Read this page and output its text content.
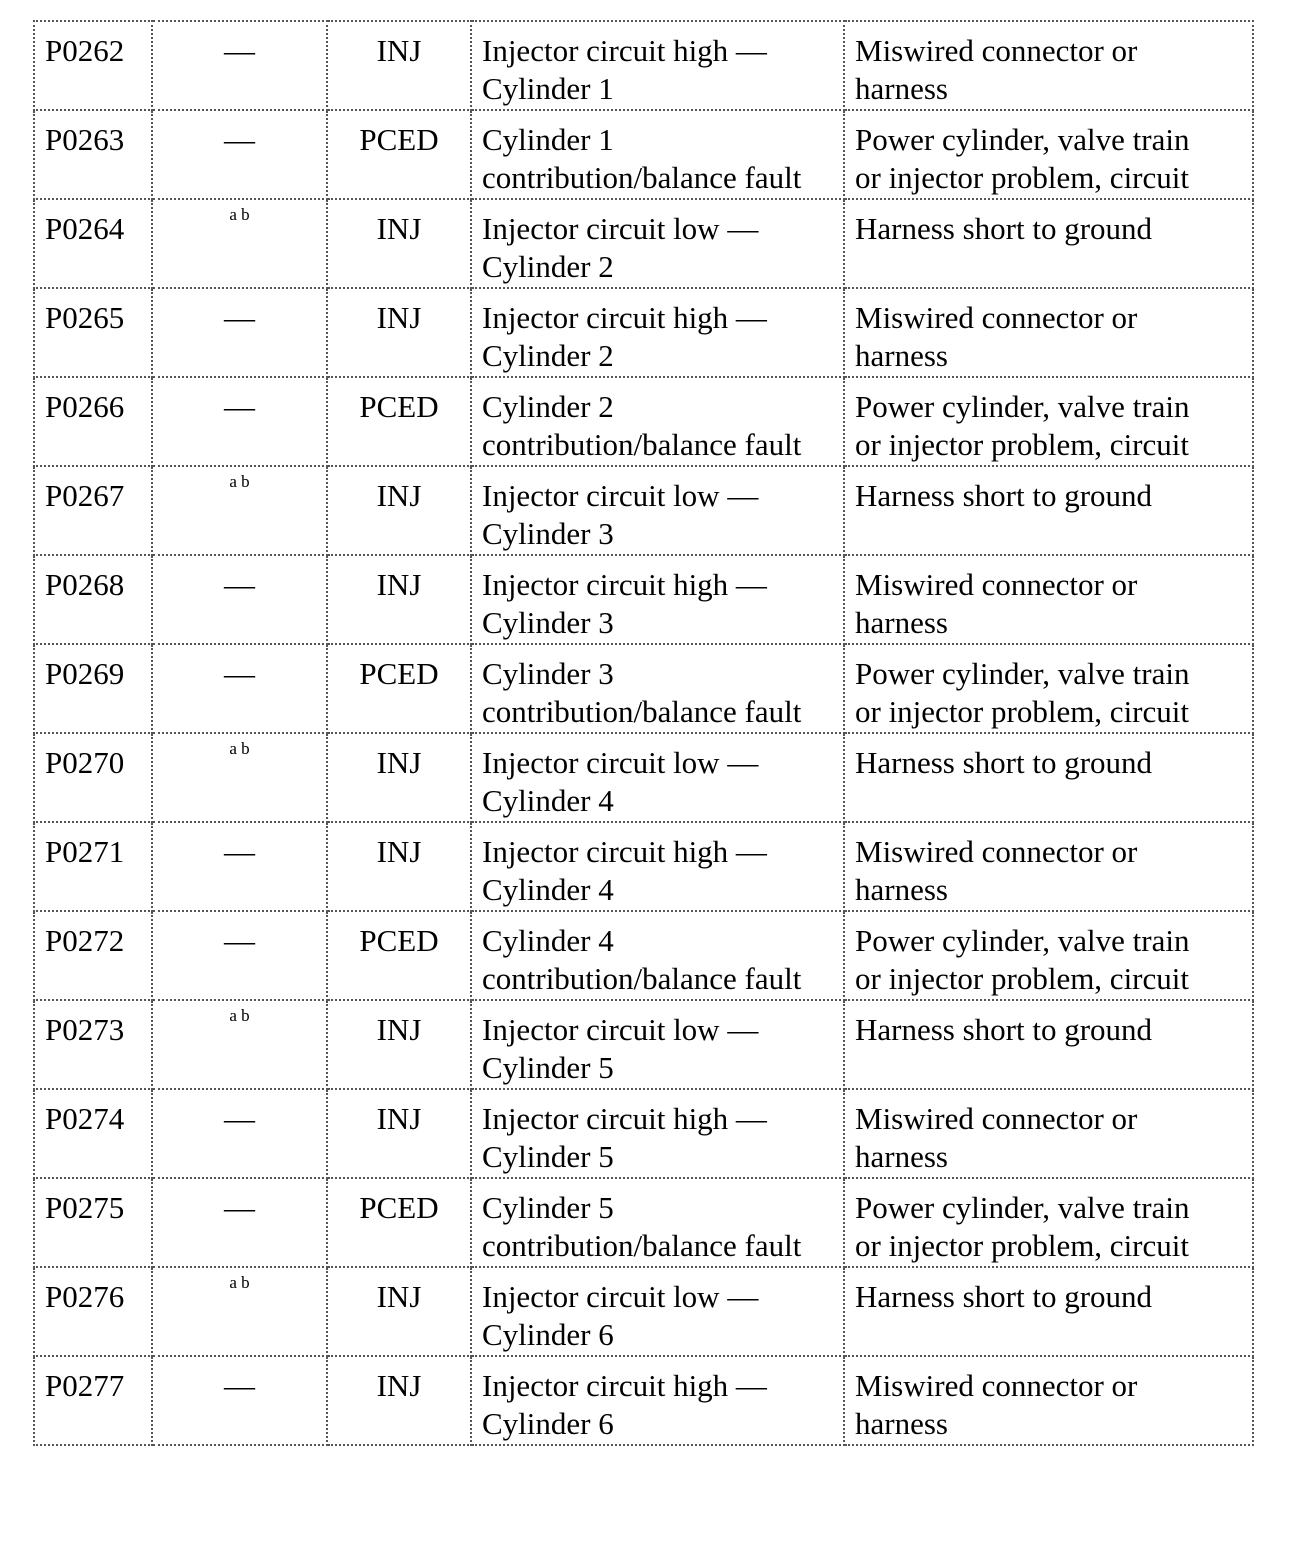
P0262	—	INJ	Injector circuit high —
Cylinder 1	Miswired connector or
harness

P0263	—	PCED	Cylinder 1
contribution/balance fault	Power cylinder, valve train
or injector problem, circuit

P0264	a b	INJ	Injector circuit low —
Cylinder 2	Harness short to ground

P0265	—	INJ	Injector circuit high —
Cylinder 2	Miswired connector or
harness

P0266	—	PCED	Cylinder 2
contribution/balance fault	Power cylinder, valve train
or injector problem, circuit

P0267	a b	INJ	Injector circuit low —
Cylinder 3	Harness short to ground

P0268	—	INJ	Injector circuit high —
Cylinder 3	Miswired connector or
harness

P0269	—	PCED	Cylinder 3
contribution/balance fault	Power cylinder, valve train
or injector problem, circuit

P0270	a b	INJ	Injector circuit low —
Cylinder 4	Harness short to ground

P0271	—	INJ	Injector circuit high —
Cylinder 4	Miswired connector or
harness

P0272	—	PCED	Cylinder 4
contribution/balance fault	Power cylinder, valve train
or injector problem, circuit

P0273	a b	INJ	Injector circuit low —
Cylinder 5	Harness short to ground

P0274	—	INJ	Injector circuit high —
Cylinder 5	Miswired connector or
harness

P0275	—	PCED	Cylinder 5
contribution/balance fault	Power cylinder, valve train
or injector problem, circuit

P0276	a b	INJ	Injector circuit low —
Cylinder 6	Harness short to ground

P0277	—	INJ	Injector circuit high —
Cylinder 6	Miswired connector or
harness
